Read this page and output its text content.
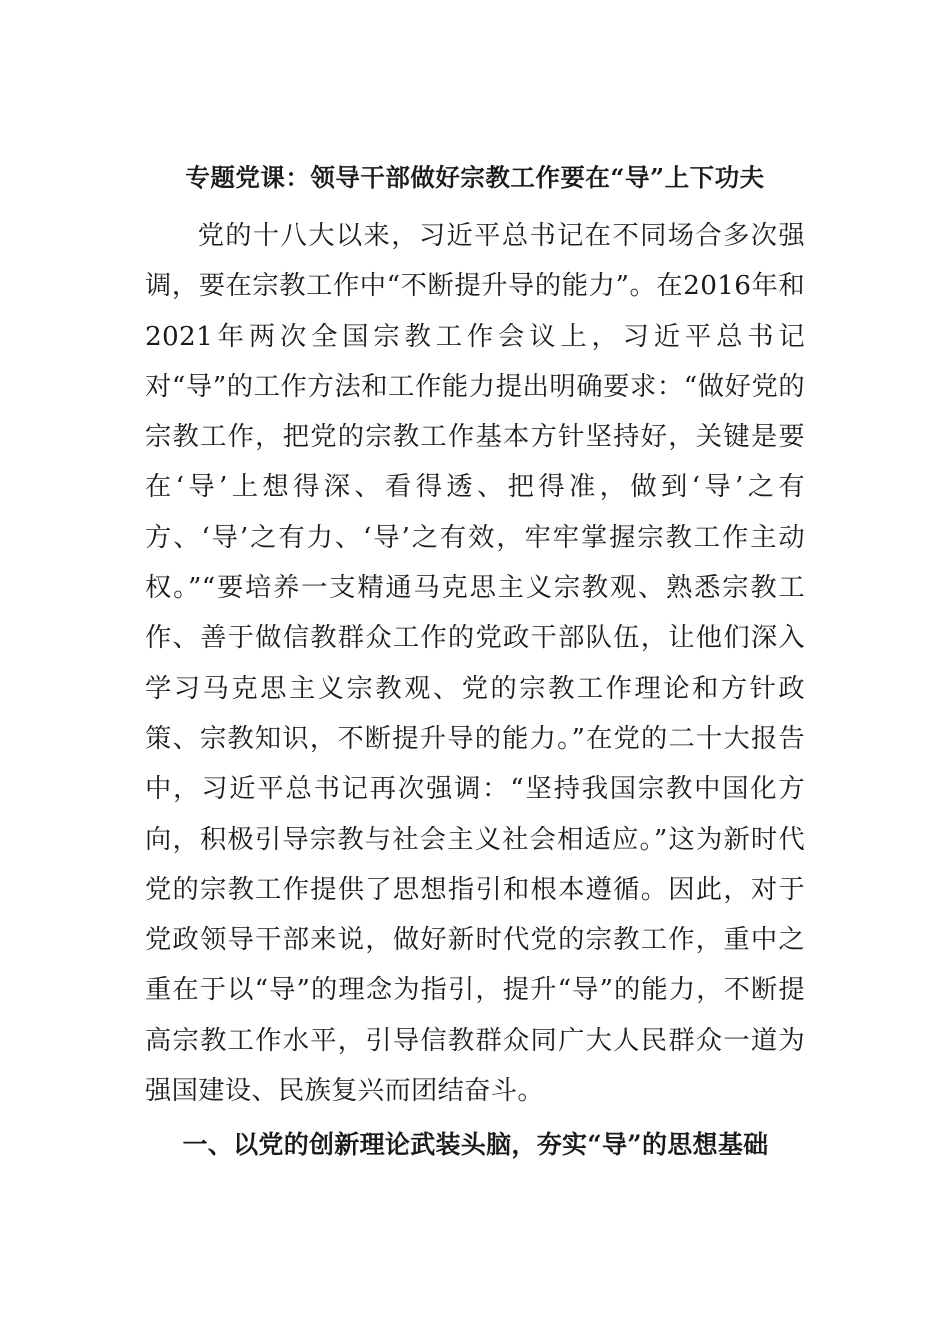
专题党课：领导干部做好宗教工作要在“导”上下功夫

党的十八大以来，习近平总书记在不同场合多次强调，要在宗教工作中“不断提升导的能力”。在2016年和2021年两次全国宗教工作会议上，习近平总书记对“导”的工作方法和工作能力提出明确要求：“做好党的宗教工作，把党的宗教工作基本方针坚持好，关键是要在‘导’上想得深、看得透、把得准，做到‘导’之有方、‘导’之有力、‘导’之有效，牢牢掌握宗教工作主动权。”“要培养一支精通马克思主义宗教观、熟悉宗教工作、善于做信教群众工作的党政干部队伍，让他们深入学习马克思主义宗教观、党的宗教工作理论和方针政策、宗教知识，不断提升导的能力。”在党的二十大报告中，习近平总书记再次强调：“坚持我国宗教中国化方向，积极引导宗教与社会主义社会相适应。”这为新时代党的宗教工作提供了思想指引和根本遵循。因此，对于党政领导干部来说，做好新时代党的宗教工作，重中之重在于以“导”的理念为指引，提升“导”的能力，不断提高宗教工作水平，引导信教群众同广大人民群众一道为强国建设、民族复兴而团结奋斗。

一、以党的创新理论武装头脑，夯实“导”的思想基础
